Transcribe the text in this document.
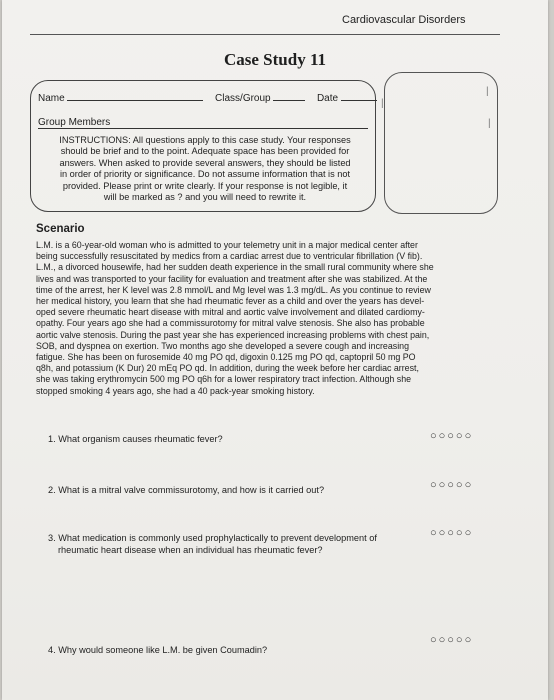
Cardiovascular Disorders
Case Study 11
|
|
|
Name	Class/Group	Date
Group Members
INSTRUCTIONS: All questions apply to this case study. Your responses
should be brief and to the point. Adequate space has been provided for
answers. When asked to provide several answers, they should be listed
in order of priority or significance. Do not assume information that is not
provided. Please print or write clearly. If your response is not legible, it
will be marked as ? and you will need to rewrite it.
Scenario
L.M. is a 60-year-old woman who is admitted to your telemetry unit in a major medical center after
being successfully resuscitated by medics from a cardiac arrest due to ventricular fibrillation (V fib).
L.M., a divorced housewife, had her sudden death experience in the small rural community where she
lives and was transported to your facility for evaluation and treatment after she was stabilized. At the
time of the arrest, her K level was 2.8 mmol/L and Mg level was 1.3 mg/dL. As you continue to review
her medical history, you learn that she had rheumatic fever as a child and over the years has devel-
oped severe rheumatic heart disease with mitral and aortic valve involvement and dilated cardiomy-
opathy. Four years ago she had a commissurotomy for mitral valve stenosis. She also has probable
aortic valve stenosis. During the past year she has experienced increasing problems with chest pain,
SOB, and dyspnea on exertion. Two months ago she developed a severe cough and increasing
fatigue. She has been on furosemide 40 mg PO qd, digoxin 0.125 mg PO qd, captopril 50 mg PO
q8h, and potassium (K Dur) 20 mEq PO qd. In addition, during the week before her cardiac arrest,
she was taking erythromycin 500 mg PO q6h for a lower respiratory tract infection. Although she
stopped smoking 4 years ago, she had a 40 pack-year smoking history.
1. What organism causes rheumatic fever?	○○○○○
2. What is a mitral valve commissurotomy, and how is it carried out?	○○○○○
3. What medication is commonly used prophylactically to prevent development of
rheumatic heart disease when an individual has rheumatic fever?
○○○○○
4. Why would someone like L.M. be given Coumadin?
○○○○○
